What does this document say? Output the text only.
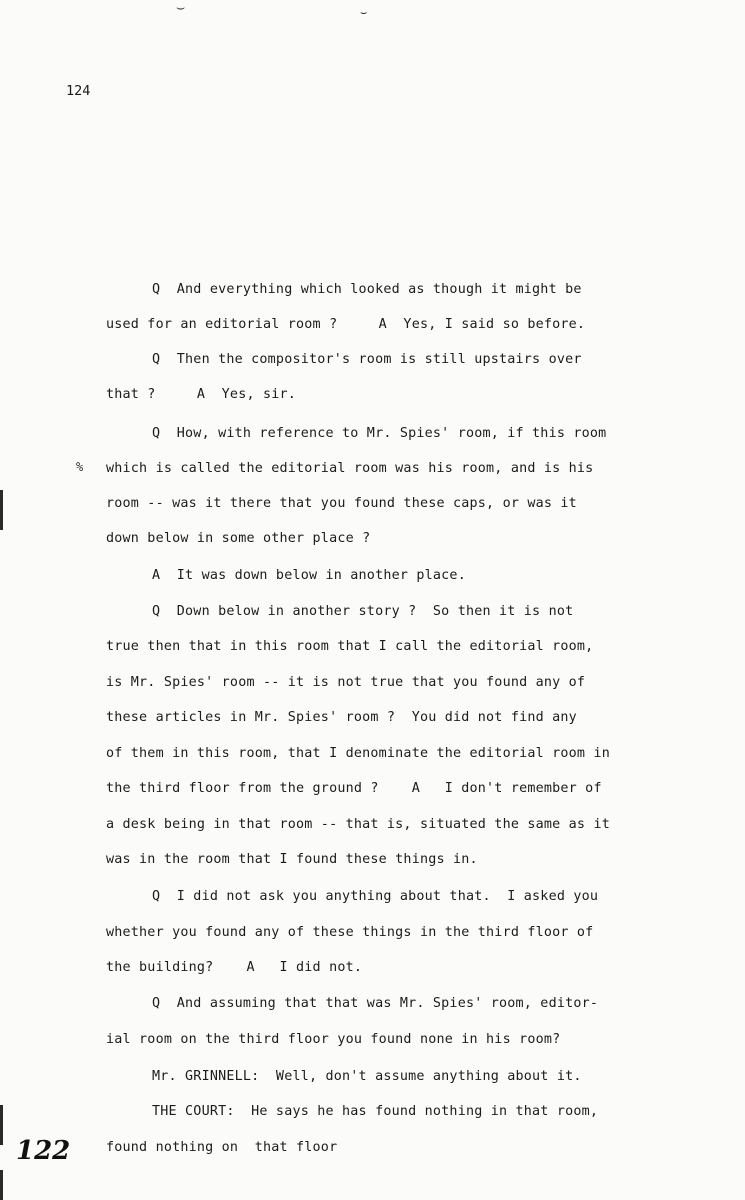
⌣	⌣
124
%
Q  And everything which looked as though it might be
used for an editorial room ?     A  Yes, I said so before.
Q  Then the compositor's room is still upstairs over
that ?     A  Yes, sir.
Q  How, with reference to Mr. Spies' room, if this room
which is called the editorial room was his room, and is his
room -- was it there that you found these caps, or was it
down below in some other place ?
A  It was down below in another place.
Q  Down below in another story ?  So then it is not
true then that in this room that I call the editorial room,
is Mr. Spies' room -- it is not true that you found any of
these articles in Mr. Spies' room ?  You did not find any
of them in this room, that I denominate the editorial room in
the third floor from the ground ?    A   I don't remember of
a desk being in that room -- that is, situated the same as it
was in the room that I found these things in.
Q  I did not ask you anything about that.  I asked you
whether you found any of these things in the third floor of
the building?    A   I did not.
Q  And assuming that that was Mr. Spies' room, editor-
ial room on the third floor you found none in his room?
Mr. GRINNELL:  Well, don't assume anything about it.
THE COURT:  He says he has found nothing in that room,
found nothing on  that floor
122
